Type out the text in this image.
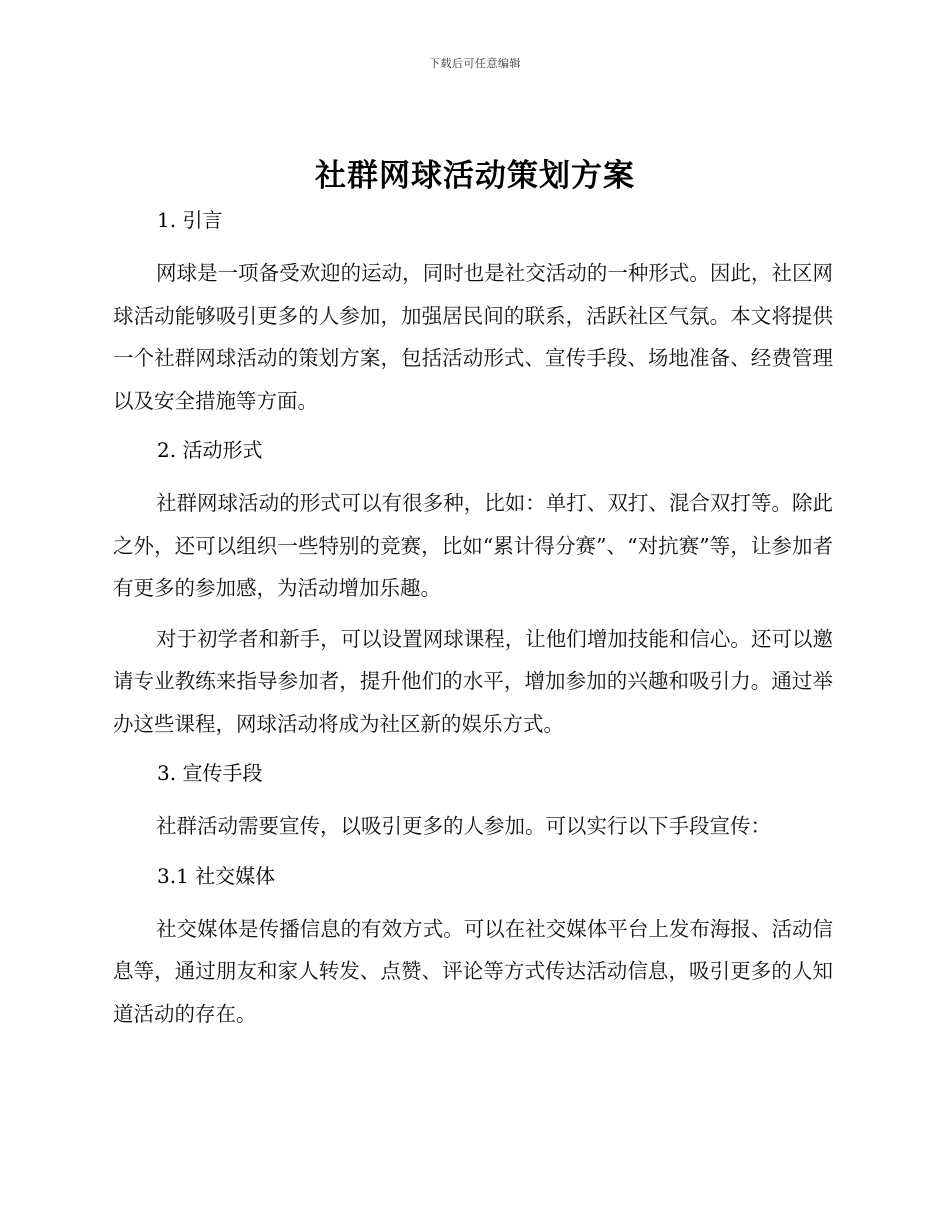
下载后可任意编辑
社群网球活动策划方案
1. 引言

网球是一项备受欢迎的运动，同时也是社交活动的一种形式。因此，社区网球活动能够吸引更多的人参加，加强居民间的联系，活跃社区气氛。本文将提供一个社群网球活动的策划方案，包括活动形式、宣传手段、场地准备、经费管理以及安全措施等方面。

2. 活动形式

社群网球活动的形式可以有很多种，比如：单打、双打、混合双打等。除此之外，还可以组织一些特别的竞赛，比如“累计得分赛”、“对抗赛”等，让参加者有更多的参加感，为活动增加乐趣。

对于初学者和新手，可以设置网球课程，让他们增加技能和信心。还可以邀请专业教练来指导参加者，提升他们的水平，增加参加的兴趣和吸引力。通过举办这些课程，网球活动将成为社区新的娱乐方式。

3. 宣传手段

社群活动需要宣传，以吸引更多的人参加。可以实行以下手段宣传：

3.1 社交媒体

社交媒体是传播信息的有效方式。可以在社交媒体平台上发布海报、活动信息等，通过朋友和家人转发、点赞、评论等方式传达活动信息，吸引更多的人知道活动的存在。
